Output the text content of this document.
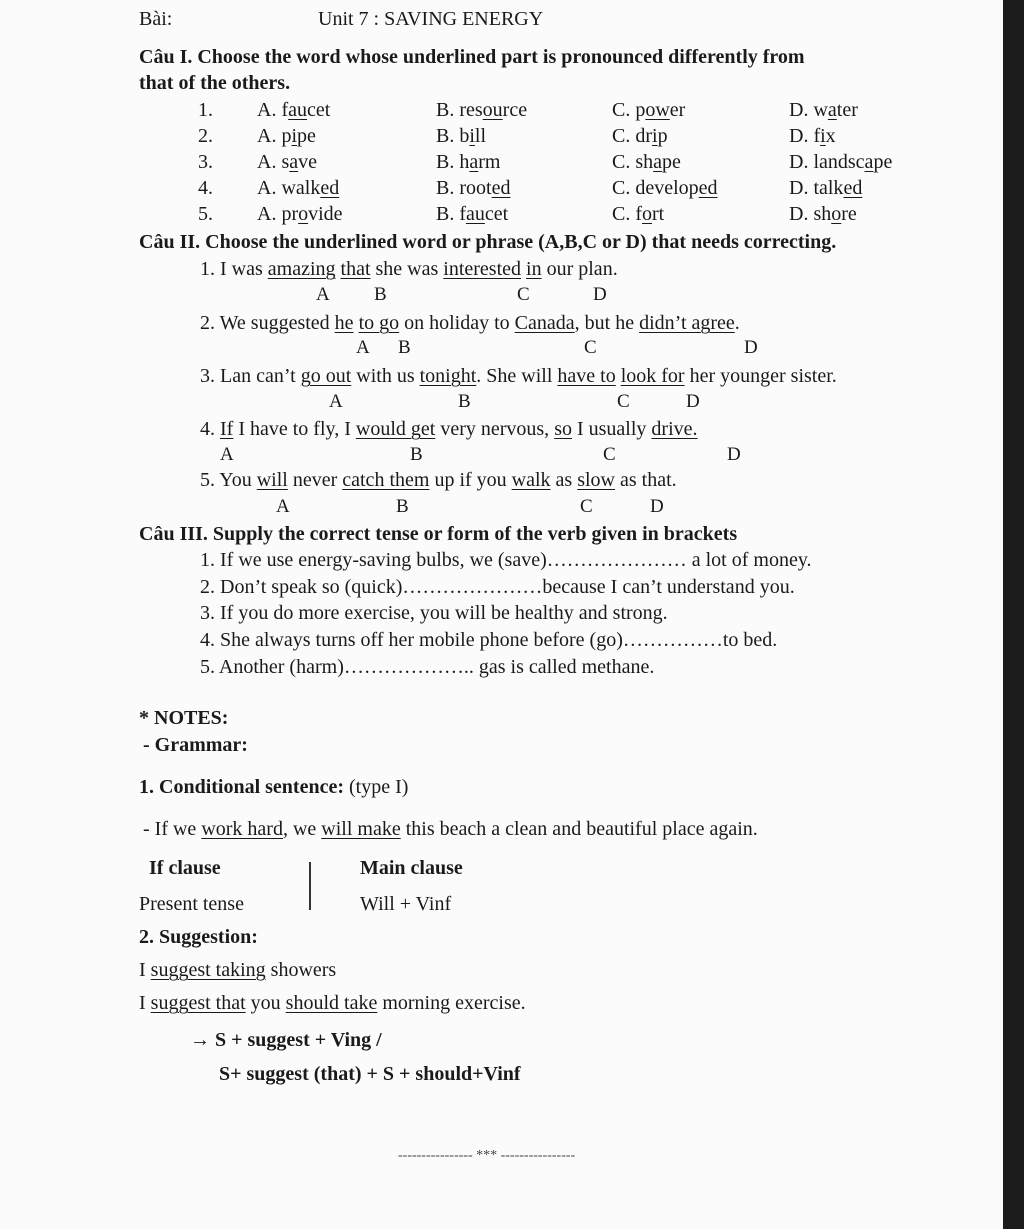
Bài:	Unit 7 : SAVING ENERGY
Câu I. Choose the word whose underlined part is pronounced differently from
that of the others.
1. A. faucet	B. resource	C. power	D. water
2. A. pipe	B. bill	C. drip	D. fix
3. A. save	B. harm	C. shape	D. landscape
4. A. walked	B. rooted	C. developed	D. talked
5. A. provide	B. faucet	C. fort	D. shore
Câu II. Choose the underlined word or phrase (A,B,C or D) that needs correcting.
1. I was amazing that she was interested in our plan.
A B	C	D
2. We suggested he to go on holiday to Canada, but he didn’t agree.
A B	C	D
3. Lan can’t go out with us tonight. She will have to look for her younger sister.
A	B	C	D
4. If I have to fly, I would get very nervous, so I usually drive.
A	B	C	D
5. You will never catch them up if you walk as slow as that.
A	B	C	D
Câu III. Supply the correct tense or form of the verb given in brackets
1. If we use energy-saving bulbs, we (save)………………… a lot of money.
2. Don’t speak so (quick)…………………because I can’t understand you.
3. If you do more exercise, you will be healthy and strong.
4. She always turns off her mobile phone before (go)……………to bed.
5. Another (harm)……………….. gas is called methane.
* NOTES:
- Grammar:
1. Conditional sentence: (type I)
- If we work hard, we will make this beach a clean and beautiful place again.
If clause	Main clause
Present tense	Will + Vinf
2. Suggestion:
I suggest taking showers
I suggest that you should take morning exercise.
→ S + suggest + Ving /
S+ suggest (that) + S + should+Vinf
---------------- *** ----------------
